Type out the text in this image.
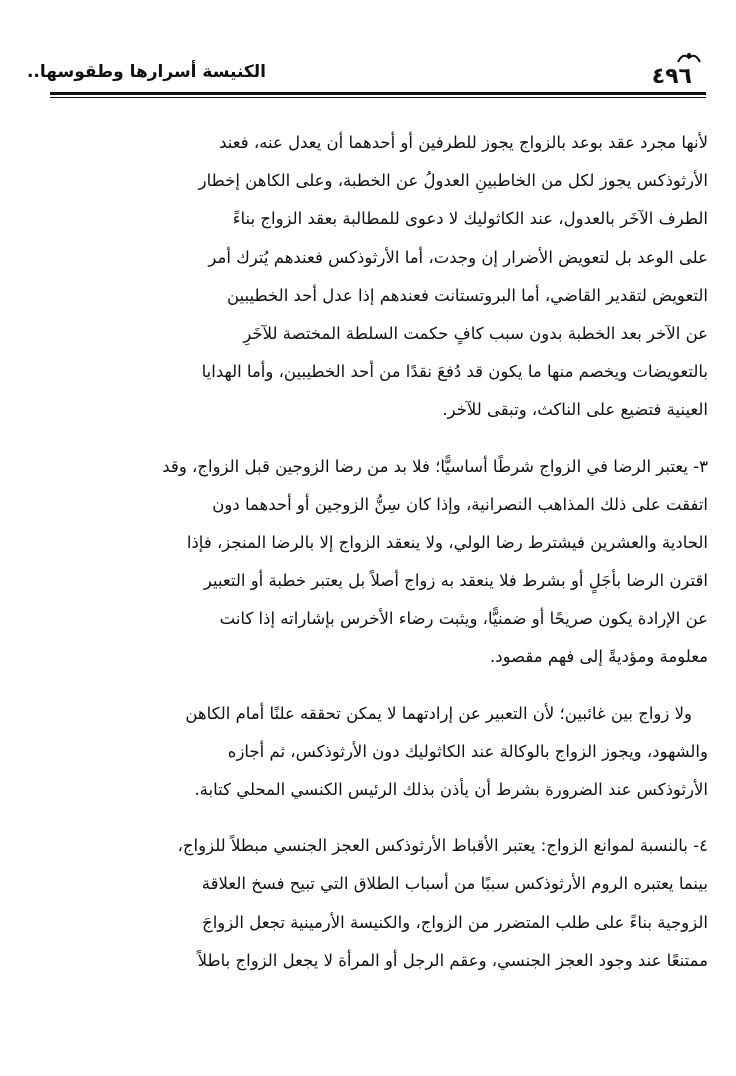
٤٩٦
الكنيسة أسرارها وطقوسها..
لأنها مجرد عقد بوعد بالزواج يجوز للطرفين أو أحدهما أن يعدل عنه، فعند
الأرثوذكس يجوز لكل من الخاطبينِ العدولُ عن الخطبة، وعلى الكاهن إخطار
الطرف الآخَر بالعدول، عند الكاثوليك لا دعوى للمطالبة بعقد الزواج بناءً
على الوعد بل لتعويض الأضرار إن وجدت، أما الأرثوذكس فعندهم يُترك أمر
التعويض لتقدير القاضي، أما البروتستانت فعندهم إذا عدل أحد الخطيبين
عن الآخر بعد الخطبة بدون سبب كافٍ حكمت السلطة المختصة للآخَرِ
بالتعويضات ويخصم منها ما يكون قد دُفعَ نقدًا من أحد الخطيبين، وأما الهدايا
العينية فتضيع على الناكث، وتبقى للآخر.
٣- يعتبر الرضا في الزواج شرطًا أساسيًّا؛ فلا بد من رضا الزوجين قبل الزواج، وقد
اتفقت على ذلك المذاهب النصرانية، وإذا كان سِنُّ الزوجين أو أحدهما دون
الحادية والعشرين فيشترط رضا الولي، ولا ينعقد الزواج إلا بالرضا المنجز، فإذا
اقترن الرضا بأجَلٍ أو بشرط فلا ينعقد به زواج أصلاً بل يعتبر خطبة أو التعبير
عن الإرادة يكون صريحًا أو ضمنيًّا، ويثبت رضاء الأخرس بإشاراته إذا كانت
معلومة ومؤديةً إلى فهم مقصود.
ولا زواج بين غائبين؛ لأن التعبير عن إرادتهما لا يمكن تحققه علنًا أمام الكاهن
والشهود، ويجوز الزواج بالوكالة عند الكاثوليك دون الأرثوذكس، ثم أجازه
الأرثوذكس عند الضرورة بشرط أن يأذن بذلك الرئيس الكنسي المحلي كتابة.
٤- بالنسبة لموانع الزواج: يعتبر الأقباط الأرثوذكس العجز الجنسي مبطلاً للزواج،
بينما يعتبره الروم الأرثوذكس سببًا من أسباب الطلاق التي تبيح فسخ العلاقة
الزوجية بناءً على طلب المتضرر من الزواج، والكنيسة الأرمينية تجعل الزواجَ
ممتنعًا عند وجود العجز الجنسي، وعقم الرجل أو المرأة لا يجعل الزواج باطلاً
